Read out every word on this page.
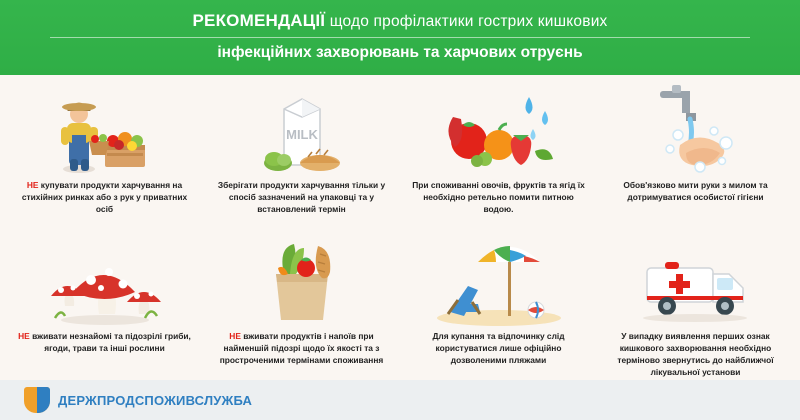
РЕКОМЕНДАЦІЇ щодо профілактики гострих кишкових
інфекційних захворювань та харчових отруєнь
НЕ купувати продукти харчування на стихійних ринках або з рук у приватних осіб
MILK
Зберігати продукти харчування тільки у спосіб зазначений на упаковці та у встановлений термін
При споживанні овочів, фруктів та ягід їх необхідно ретельно помити питною водою.
Обов'язково мити руки з милом та дотримуватися особистої гігієни
НЕ вживати незнайомі та підозрілі гриби, ягоди, трави та інші рослини
НЕ вживати продуктів і напоїв при найменшій підозрі щодо їх якості та з простроченими термінами споживання
Для купання та відпочинку слід користуватися лише офіційно дозволеними пляжами
У випадку виявлення перших ознак кишкового захворювання необхідно терміново звернутись до найближчої лікувальної установи
ДЕРЖПРОДСПОЖИВСЛУЖБА
